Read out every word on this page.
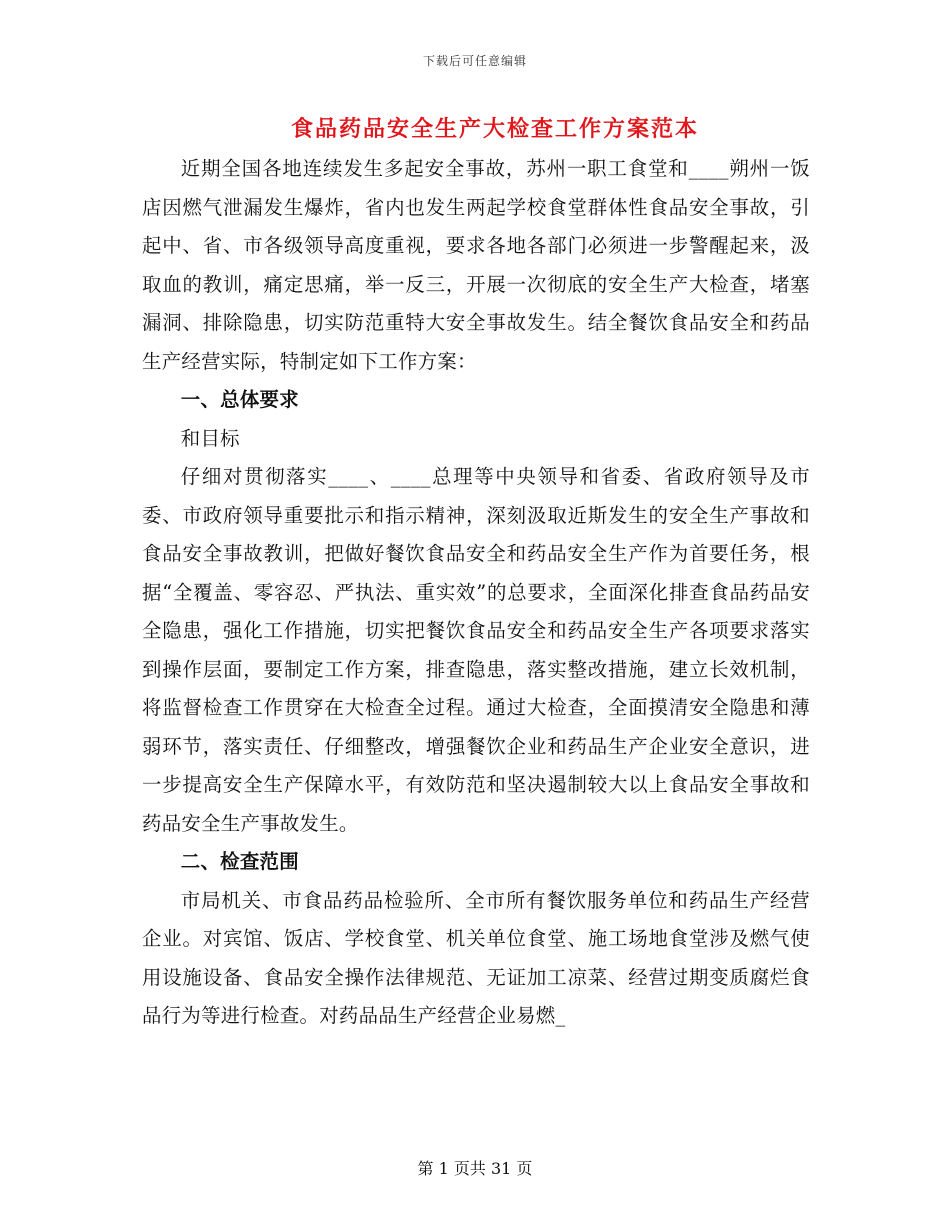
下载后可任意编辑
食品药品安全生产大检查工作方案范本

近期全国各地连续发生多起安全事故，苏州一职工食堂和____朔州一饭店因燃气泄漏发生爆炸，省内也发生两起学校食堂群体性食品安全事故，引起中、省、市各级领导高度重视，要求各地各部门必须进一步警醒起来，汲取血的教训，痛定思痛，举一反三，开展一次彻底的安全生产大检查，堵塞漏洞、排除隐患，切实防范重特大安全事故发生。结全餐饮食品安全和药品生产经营实际，特制定如下工作方案：

一、总体要求

和目标

仔细对贯彻落实____、____总理等中央领导和省委、省政府领导及市委、市政府领导重要批示和指示精神，深刻汲取近斯发生的安全生产事故和食品安全事故教训，把做好餐饮食品安全和药品安全生产作为首要任务，根据“全覆盖、零容忍、严执法、重实效”的总要求，全面深化排查食品药品安全隐患，强化工作措施，切实把餐饮食品安全和药品安全生产各项要求落实到操作层面，要制定工作方案，排查隐患，落实整改措施，建立长效机制，将监督检查工作贯穿在大检查全过程。通过大检查，全面摸清安全隐患和薄弱环节，落实责任、仔细整改，增强餐饮企业和药品生产企业安全意识，进一步提高安全生产保障水平，有效防范和坚决遏制较大以上食品安全事故和药品安全生产事故发生。

二、检查范围

市局机关、市食品药品检验所、全市所有餐饮服务单位和药品生产经营企业。对宾馆、饭店、学校食堂、机关单位食堂、施工场地食堂涉及燃气使用设施设备、食品安全操作法律规范、无证加工凉菜、经营过期变质腐烂食品行为等进行检查。对药品品生产经营企业易燃_

第 1 页共 31 页
